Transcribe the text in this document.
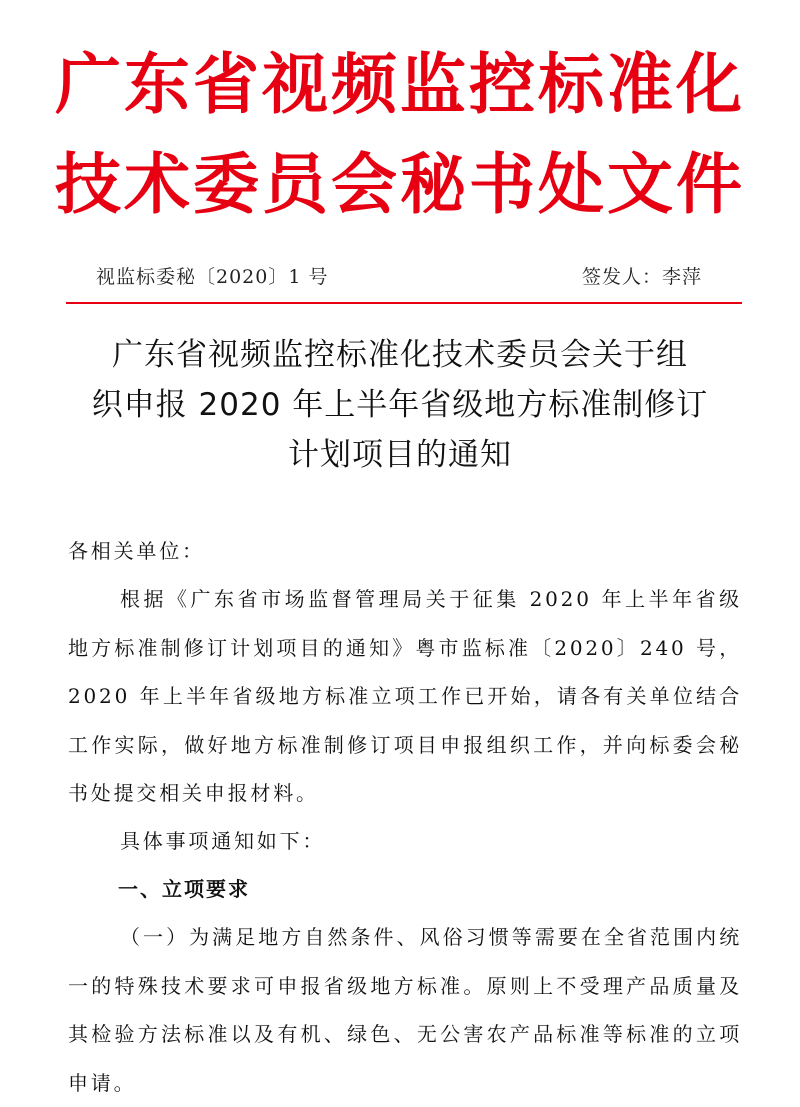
广东省视频监控标准化
技术委员会秘书处文件
视监标委秘〔2020〕1 号	签发人：李萍
广东省视频监控标准化技术委员会关于组
织申报 2020 年上半年省级地方标准制修订
计划项目的通知

各相关单位：

根据《广东省市场监督管理局关于征集 2020 年上半年省级地方标准制修订计划项目的通知》粤市监标准〔2020〕240 号，2020 年上半年省级地方标准立项工作已开始，请各有关单位结合工作实际，做好地方标准制修订项目申报组织工作，并向标委会秘书处提交相关申报材料。

具体事项通知如下：

一、立项要求

（一）为满足地方自然条件、风俗习惯等需要在全省范围内统一的特殊技术要求可申报省级地方标准。原则上不受理产品质量及其检验方法标准以及有机、绿色、无公害农产品标准等标准的立项申请。
